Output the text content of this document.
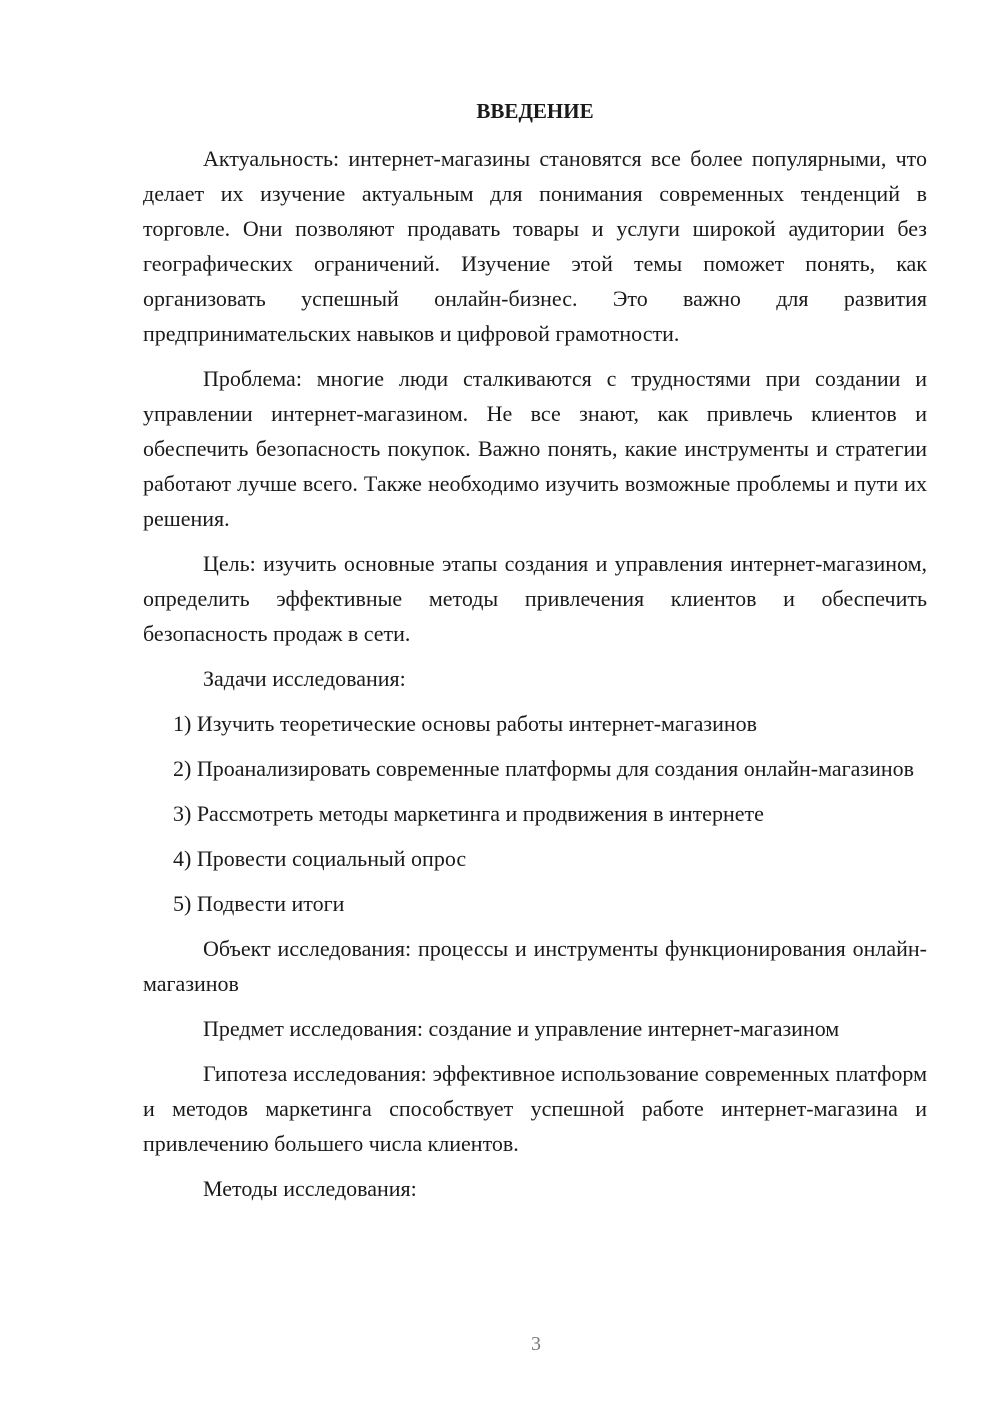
ВВЕДЕНИЕ

Актуальность: интернет-магазины становятся все более популярными, что делает их изучение актуальным для понимания современных тенденций в торговле. Они позволяют продавать товары и услуги широкой аудитории без географических ограничений. Изучение этой темы поможет понять, как организовать успешный онлайн-бизнес. Это важно для развития предпринимательских навыков и цифровой грамотности.

Проблема: многие люди сталкиваются с трудностями при создании и управлении интернет-магазином. Не все знают, как привлечь клиентов и обеспечить безопасность покупок. Важно понять, какие инструменты и стратегии работают лучше всего. Также необходимо изучить возможные проблемы и пути их решения.

Цель: изучить основные этапы создания и управления интернет-магазином, определить эффективные методы привлечения клиентов и обеспечить безопасность продаж в сети.

Задачи исследования:

1) Изучить теоретические основы работы интернет-магазинов

2) Проанализировать современные платформы для создания онлайн-магазинов

3) Рассмотреть методы маркетинга и продвижения в интернете

4) Провести социальный опрос

5) Подвести итоги

Объект исследования: процессы и инструменты функционирования онлайн-магазинов

Предмет исследования: создание и управление интернет-магазином

Гипотеза исследования: эффективное использование современных платформ и методов маркетинга способствует успешной работе интернет-магазина и привлечению большего числа клиентов.

Методы исследования:

3
